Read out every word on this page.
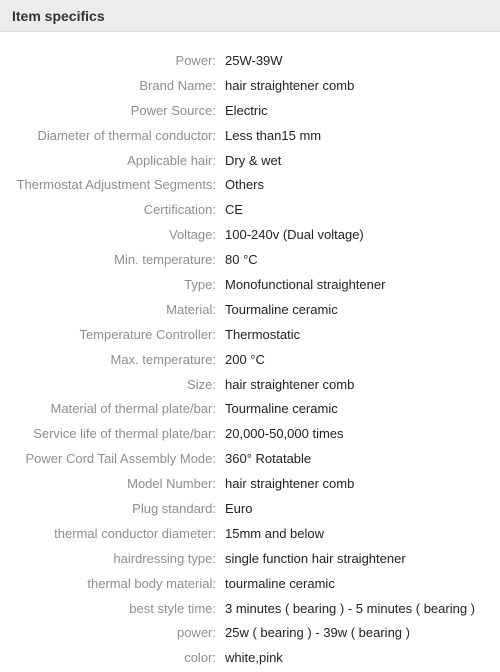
Item specifics
Power: 25W-39W
Brand Name: hair straightener comb
Power Source: Electric
Diameter of thermal conductor: Less than15 mm
Applicable hair: Dry & wet
Thermostat Adjustment Segments: Others
Certification: CE
Voltage: 100-240v (Dual voltage)
Min. temperature: 80 °C
Type: Monofunctional straightener
Material: Tourmaline ceramic
Temperature Controller: Thermostatic
Max. temperature: 200 °C
Size: hair straightener comb
Material of thermal plate/bar: Tourmaline ceramic
Service life of thermal plate/bar: 20,000-50,000 times
Power Cord Tail Assembly Mode: 360° Rotatable
Model Number: hair straightener comb
Plug standard: Euro
thermal conductor diameter: 15mm and below
hairdressing type: single function hair straightener
thermal body material: tourmaline ceramic
best style time: 3 minutes ( bearing ) - 5 minutes ( bearing )
power: 25w ( bearing ) - 39w ( bearing )
color: white,pink
